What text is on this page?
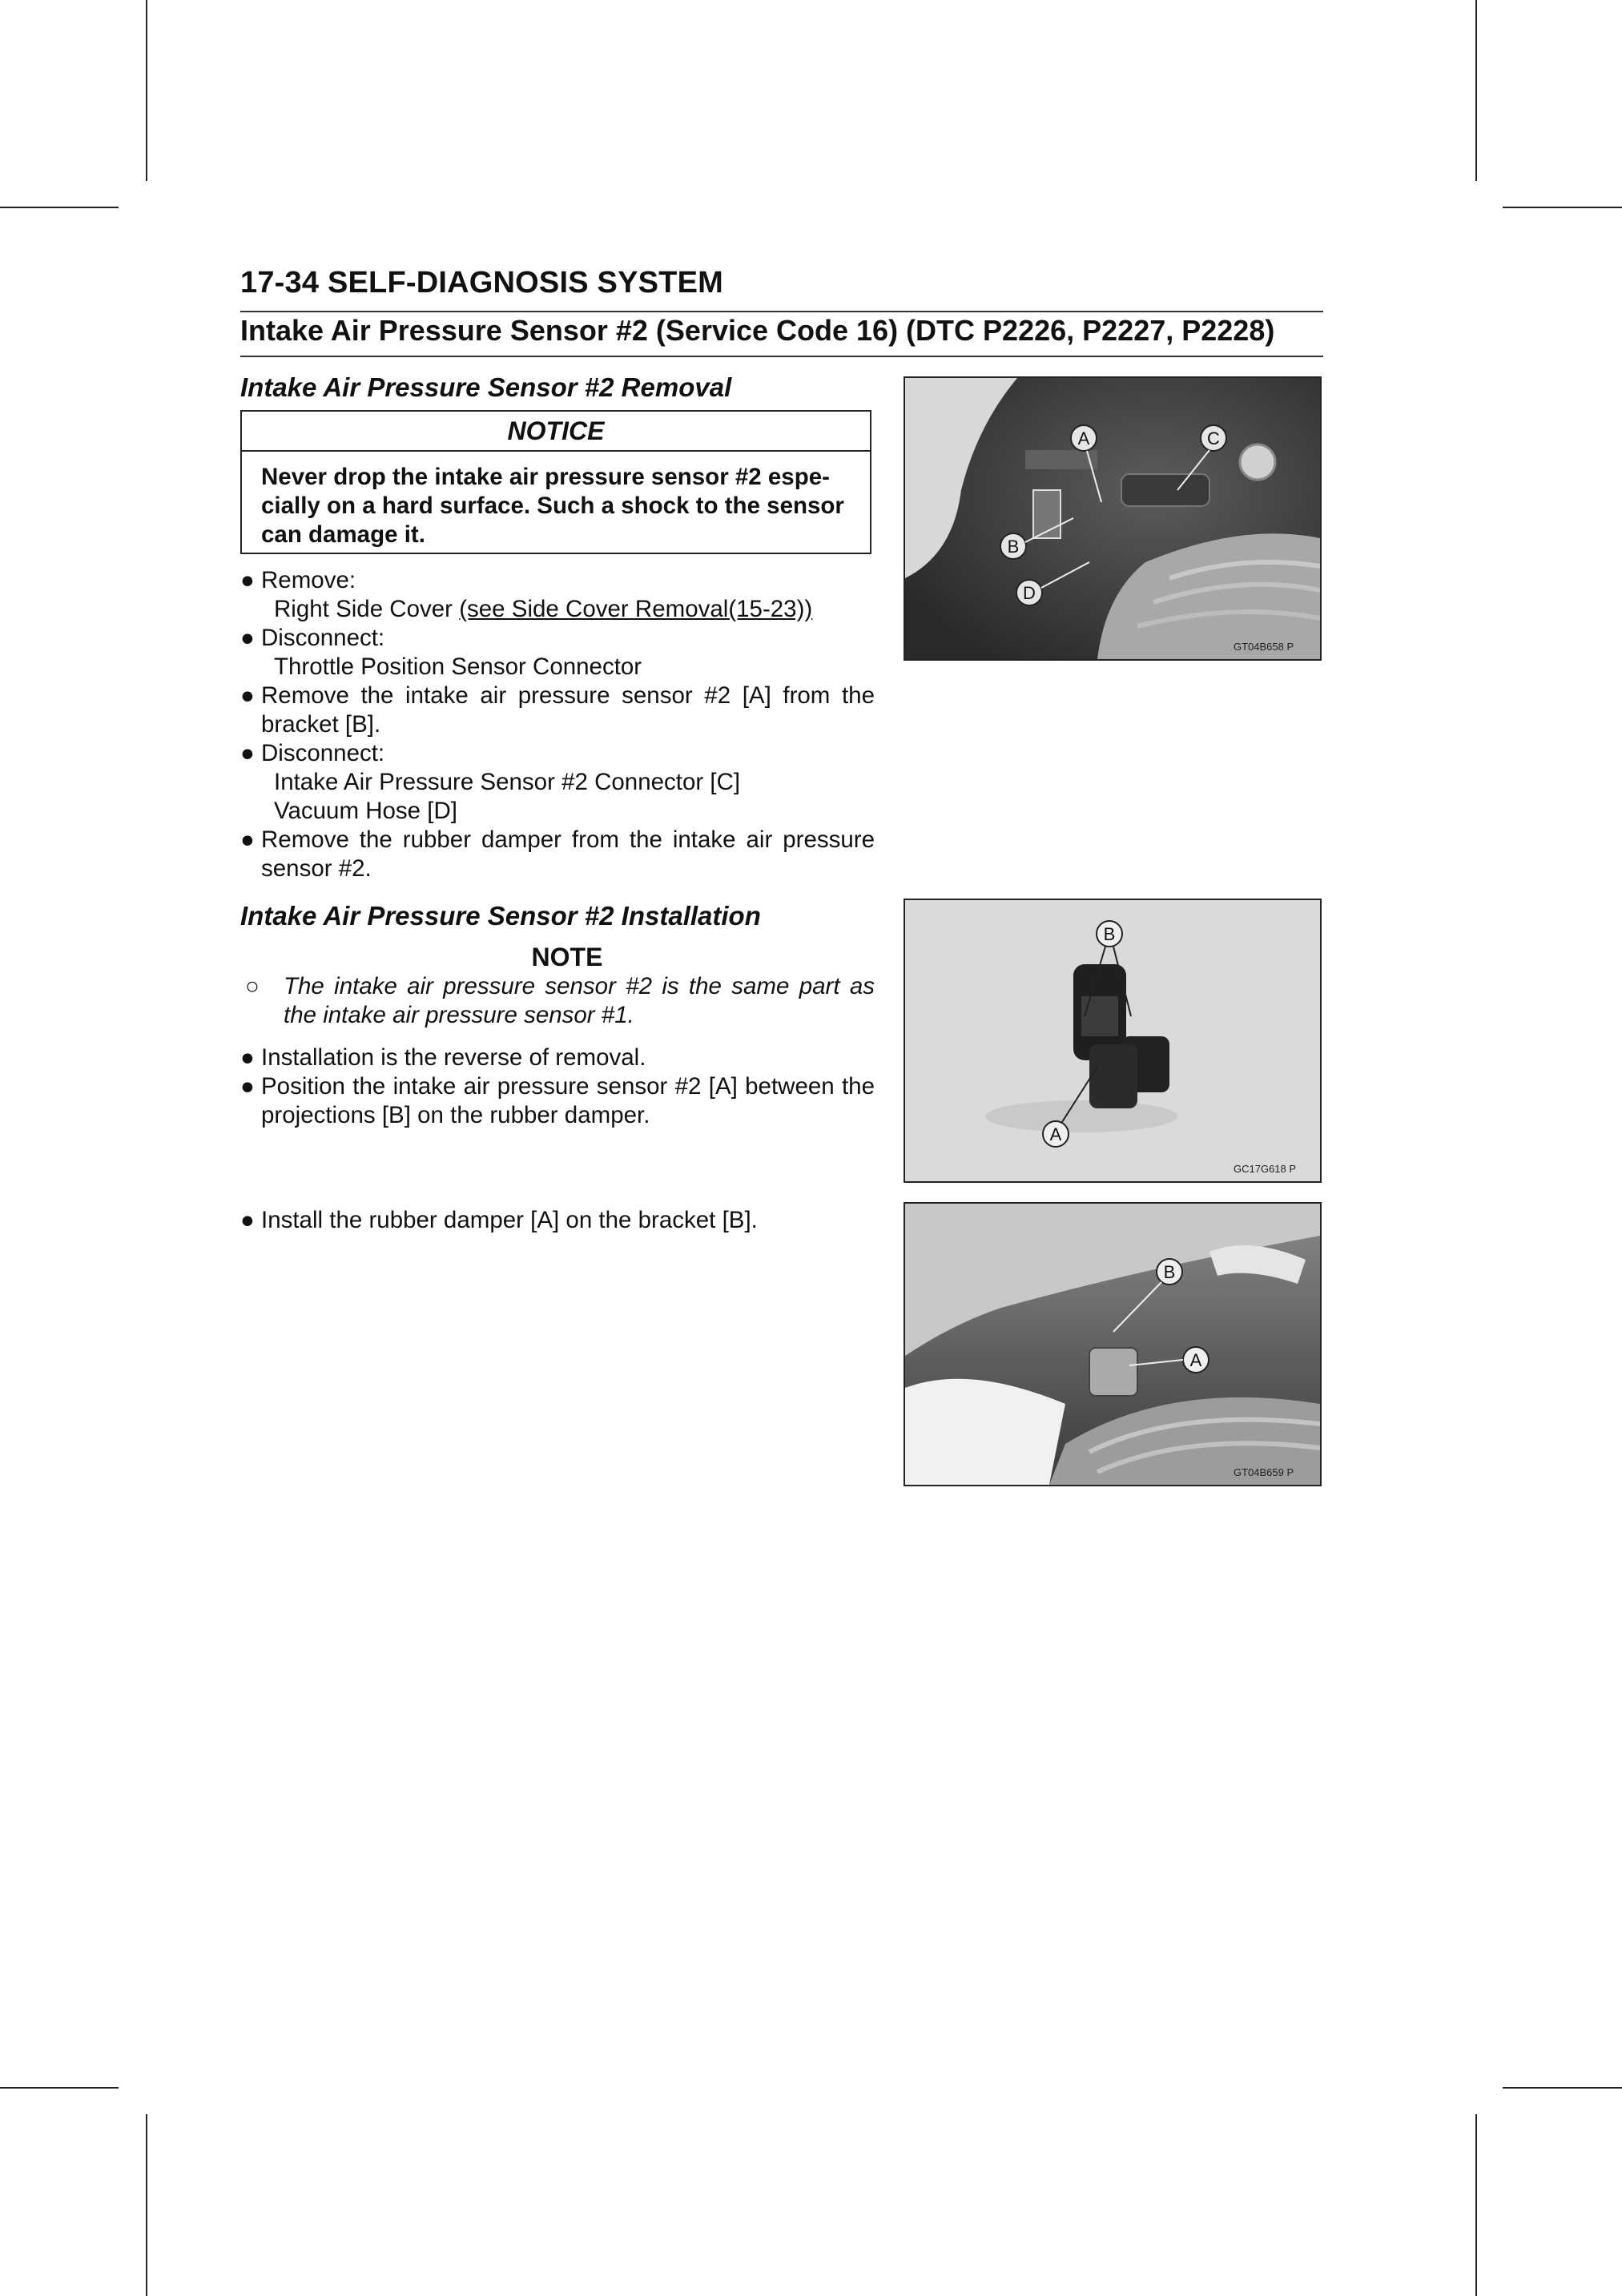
17-34 SELF-DIAGNOSIS SYSTEM
Intake Air Pressure Sensor #2 (Service Code 16) (DTC P2226, P2227, P2228)
Intake Air Pressure Sensor #2 Removal
NOTICE
Never drop the intake air pressure sensor #2 espe-
cially on a hard surface. Such a shock to the sensor
can damage it.
● Remove:
Right Side Cover (see Side Cover Removal(15-23))
● Disconnect:
Throttle Position Sensor Connector
● Remove the intake air pressure sensor #2 [A] from the
bracket [B].
● Disconnect:
Intake Air Pressure Sensor #2 Connector [C]
Vacuum Hose [D]
● Remove the rubber damper from the intake air pressure
sensor #2.
Intake Air Pressure Sensor #2 Installation
NOTE
○	The intake air pressure sensor #2 is the same part as
the intake air pressure sensor #1.
● Installation is the reverse of removal.
● Position the intake air pressure sensor #2 [A] between the
projections [B] on the rubber damper.
● Install the rubber damper [A] on the bracket [B].
A	C
B
D
GT04B658 P
B
A
GC17G618 P
B
A
GT04B659 P
